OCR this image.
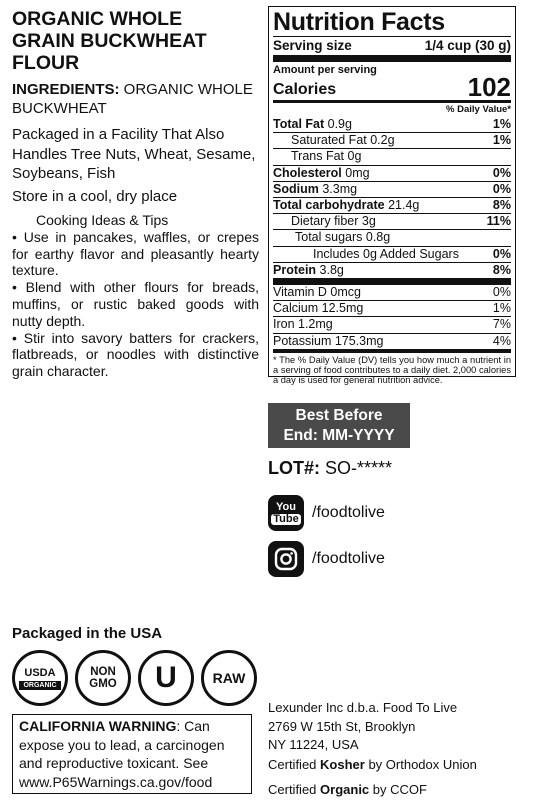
ORGANIC WHOLE
GRAIN BUCKWHEAT
FLOUR
INGREDIENTS: ORGANIC WHOLE BUCKWHEAT
Packaged in a Facility That Also Handles Tree Nuts, Wheat, Sesame, Soybeans, Fish
Store in a cool, dry place
Cooking Ideas & Tips
• Use in pancakes, waffles, or crepes for earthy flavor and pleasantly hearty texture.
• Blend with other flours for breads, muffins, or rustic baked goods with nutty depth.
• Stir into savory batters for crackers, flatbreads, or noodles with distinctive grain character.
Nutrition Facts
Serving size	1/4 cup (30 g)
Amount per serving
Calories	102
% Daily Value*
Total Fat 0.9g	1%
Saturated Fat 0.2g	1%
Trans Fat 0g
Cholesterol 0mg	0%
Sodium 3.3mg	0%
Total carbohydrate 21.4g	8%
Dietary fiber 3g	11%
Total sugars 0.8g
Includes 0g Added Sugars	0%
Protein 3.8g	8%
Vitamin D 0mcg	0%
Calcium 12.5mg	1%
Iron 1.2mg	7%
Potassium 175.3mg	4%
* The % Daily Value (DV) tells you how much a nutrient in a serving of food contributes to a daily diet. 2,000 calories a day is used for general nutrition advice.
Best Before
End: MM-YYYY
LOT#: SO-*****
You
Tube /foodtolive
/foodtolive
Packaged in the USA
USDA
ORGANIC
NON
GMO U	RAW
CALIFORNIA WARNING: Can expose you to lead, a carcinogen and reproductive toxicant. See www.P65Warnings.ca.gov/food
Lexunder Inc d.b.a. Food To Live
2769 W 15th St, Brooklyn
NY 11224, USA
Certified Kosher by Orthodox Union
Certified Organic by CCOF
